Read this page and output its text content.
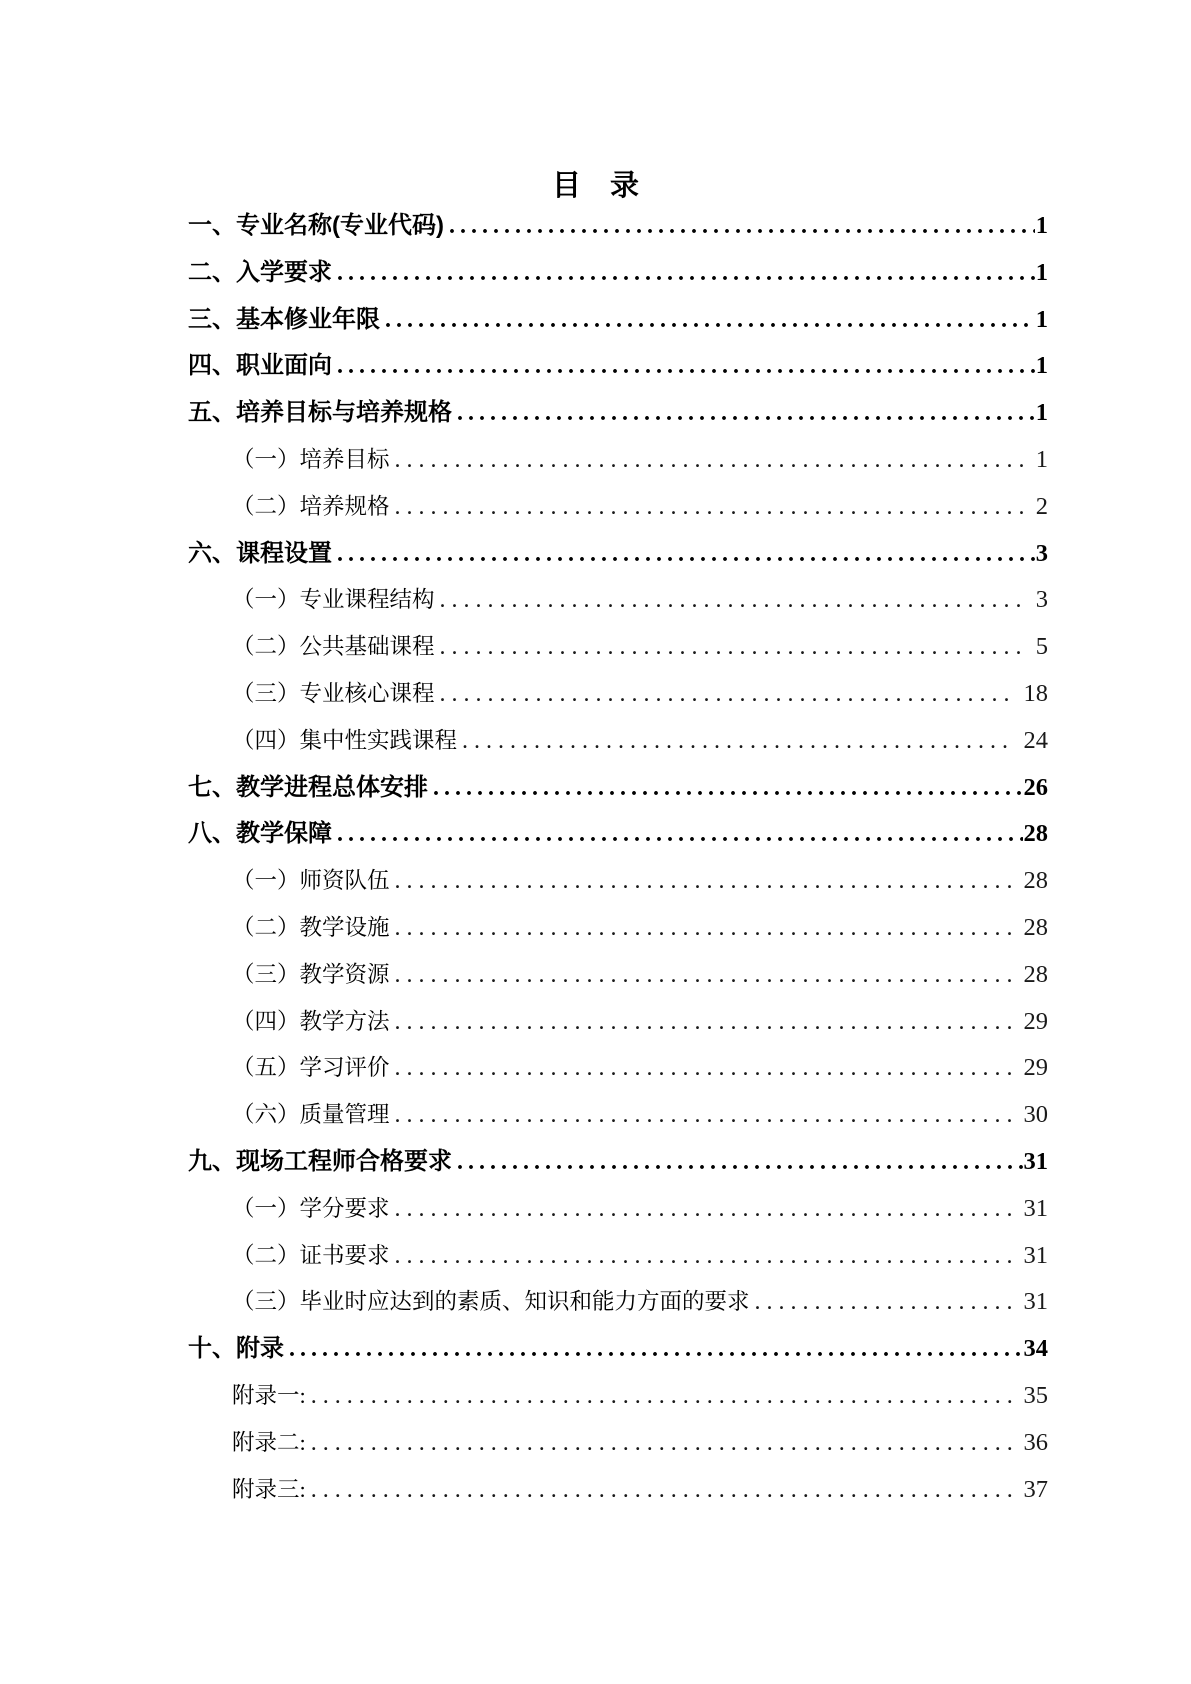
目　录
一、专业名称(专业代码) .....	1
二、入学要求 .....	1
三、基本修业年限 .....	1
四、职业面向 .....	1
五、培养目标与培养规格 .....	1
（一）培养目标 .....	1
（二）培养规格 .....	2
六、课程设置 .....	3
（一）专业课程结构 .....	3
（二）公共基础课程 .....	5
（三）专业核心课程 .....	18
（四）集中性实践课程 .....	24
七、教学进程总体安排 .....	26
八、教学保障 .....	28
（一）师资队伍 .....	28
（二）教学设施 .....	28
（三）教学资源 .....	28
（四）教学方法 .....	29
（五）学习评价 .....	29
（六）质量管理 .....	30
九、现场工程师合格要求 .....	31
（一）学分要求 .....	31
（二）证书要求 .....	31
（三）毕业时应达到的素质、知识和能力方面的要求 .....	31
十、附录 .....	34
附录一: .....	35
附录二: .....	36
附录三: .....	37
